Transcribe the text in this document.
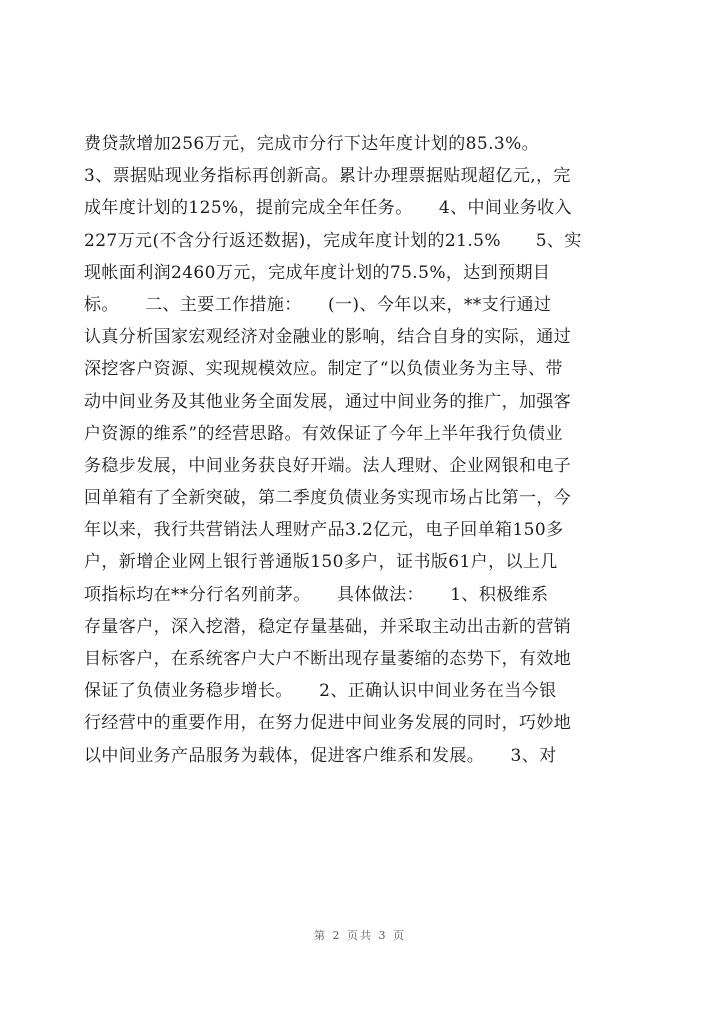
费贷款增加256万元，完成市分行下达年度计划的85.3%。
3、票据贴现业务指标再创新高。累计办理票据贴现超亿元,，完
成年度计划的125%，提前完成全年任务。　　4、中间业务收入
227万元(不含分行返还数据)，完成年度计划的21.5%　　5、实
现帐面利润2460万元，完成年度计划的75.5%，达到预期目
标。　　二、主要工作措施：　　(一)、今年以来，**支行通过
认真分析国家宏观经济对金融业的影响，结合自身的实际，通过
深挖客户资源、实现规模效应。制定了“以负债业务为主导、带
动中间业务及其他业务全面发展，通过中间业务的推广，加强客
户资源的维系”的经营思路。有效保证了今年上半年我行负债业
务稳步发展，中间业务获良好开端。法人理财、企业网银和电子
回单箱有了全新突破，第二季度负债业务实现市场占比第一，今
年以来，我行共营销法人理财产品3.2亿元，电子回单箱150多
户，新增企业网上银行普通版150多户，证书版61户，以上几
项指标均在**分行名列前茅。　　具体做法：　　1、积极维系
存量客户，深入挖潜，稳定存量基础，并采取主动出击新的营销
目标客户，在系统客户大户不断出现存量萎缩的态势下，有效地
保证了负债业务稳步增长。　　2、正确认识中间业务在当今银
行经营中的重要作用，在努力促进中间业务发展的同时，巧妙地
以中间业务产品服务为载体，促进客户维系和发展。　　3、对
第 2 页共 3 页
